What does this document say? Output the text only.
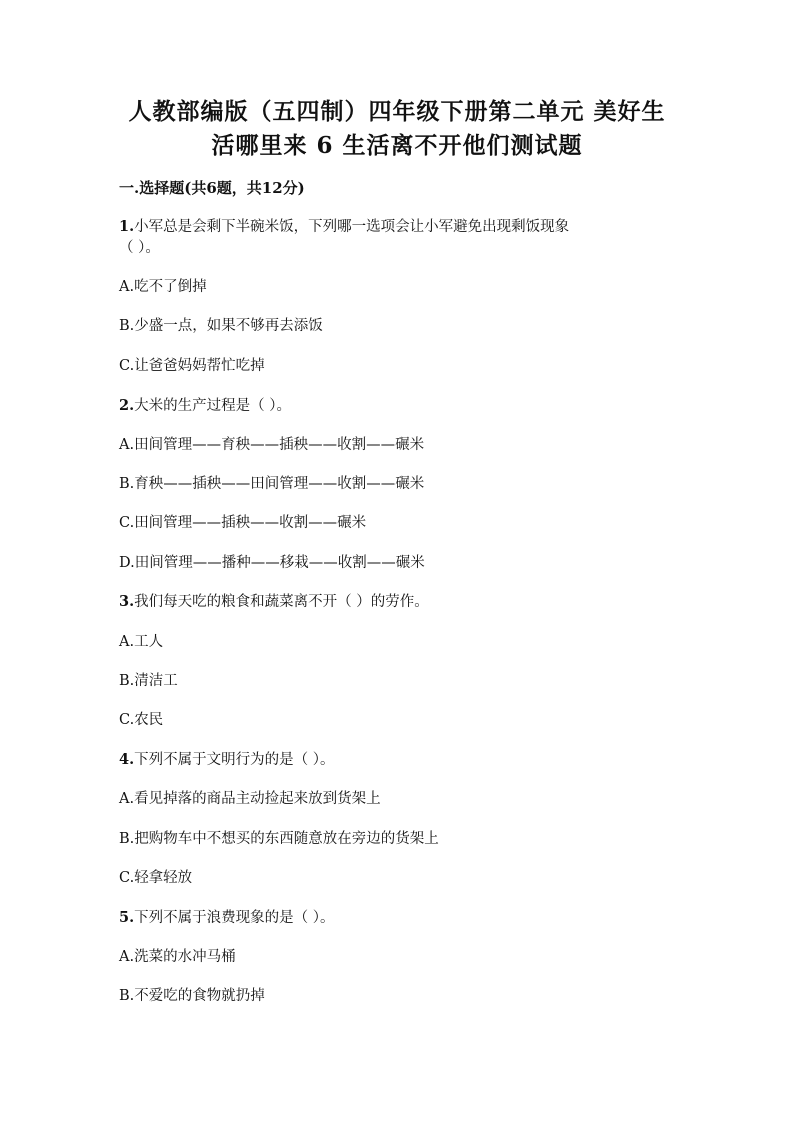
人教部编版（五四制）四年级下册第二单元 美好生
活哪里来 6 生活离不开他们测试题
一.选择题(共6题，共12分)

1.小军总是会剩下半碗米饭，下列哪一选项会让小军避免出现剩饭现象

（ ）。

A.吃不了倒掉

B.少盛一点，如果不够再去添饭

C.让爸爸妈妈帮忙吃掉

2.大米的生产过程是（ ）。

A.田间管理——育秧——插秧——收割——碾米

B.育秧——插秧——田间管理——收割——碾米

C.田间管理——插秧——收割——碾米

D.田间管理——播种——移栽——收割——碾米

3.我们每天吃的粮食和蔬菜离不开（ ）的劳作。

A.工人

B.清洁工

C.农民

4.下列不属于文明行为的是（ ）。

A.看见掉落的商品主动捡起来放到货架上

B.把购物车中不想买的东西随意放在旁边的货架上

C.轻拿轻放

5.下列不属于浪费现象的是（ ）。

A.洗菜的水冲马桶

B.不爱吃的食物就扔掉
